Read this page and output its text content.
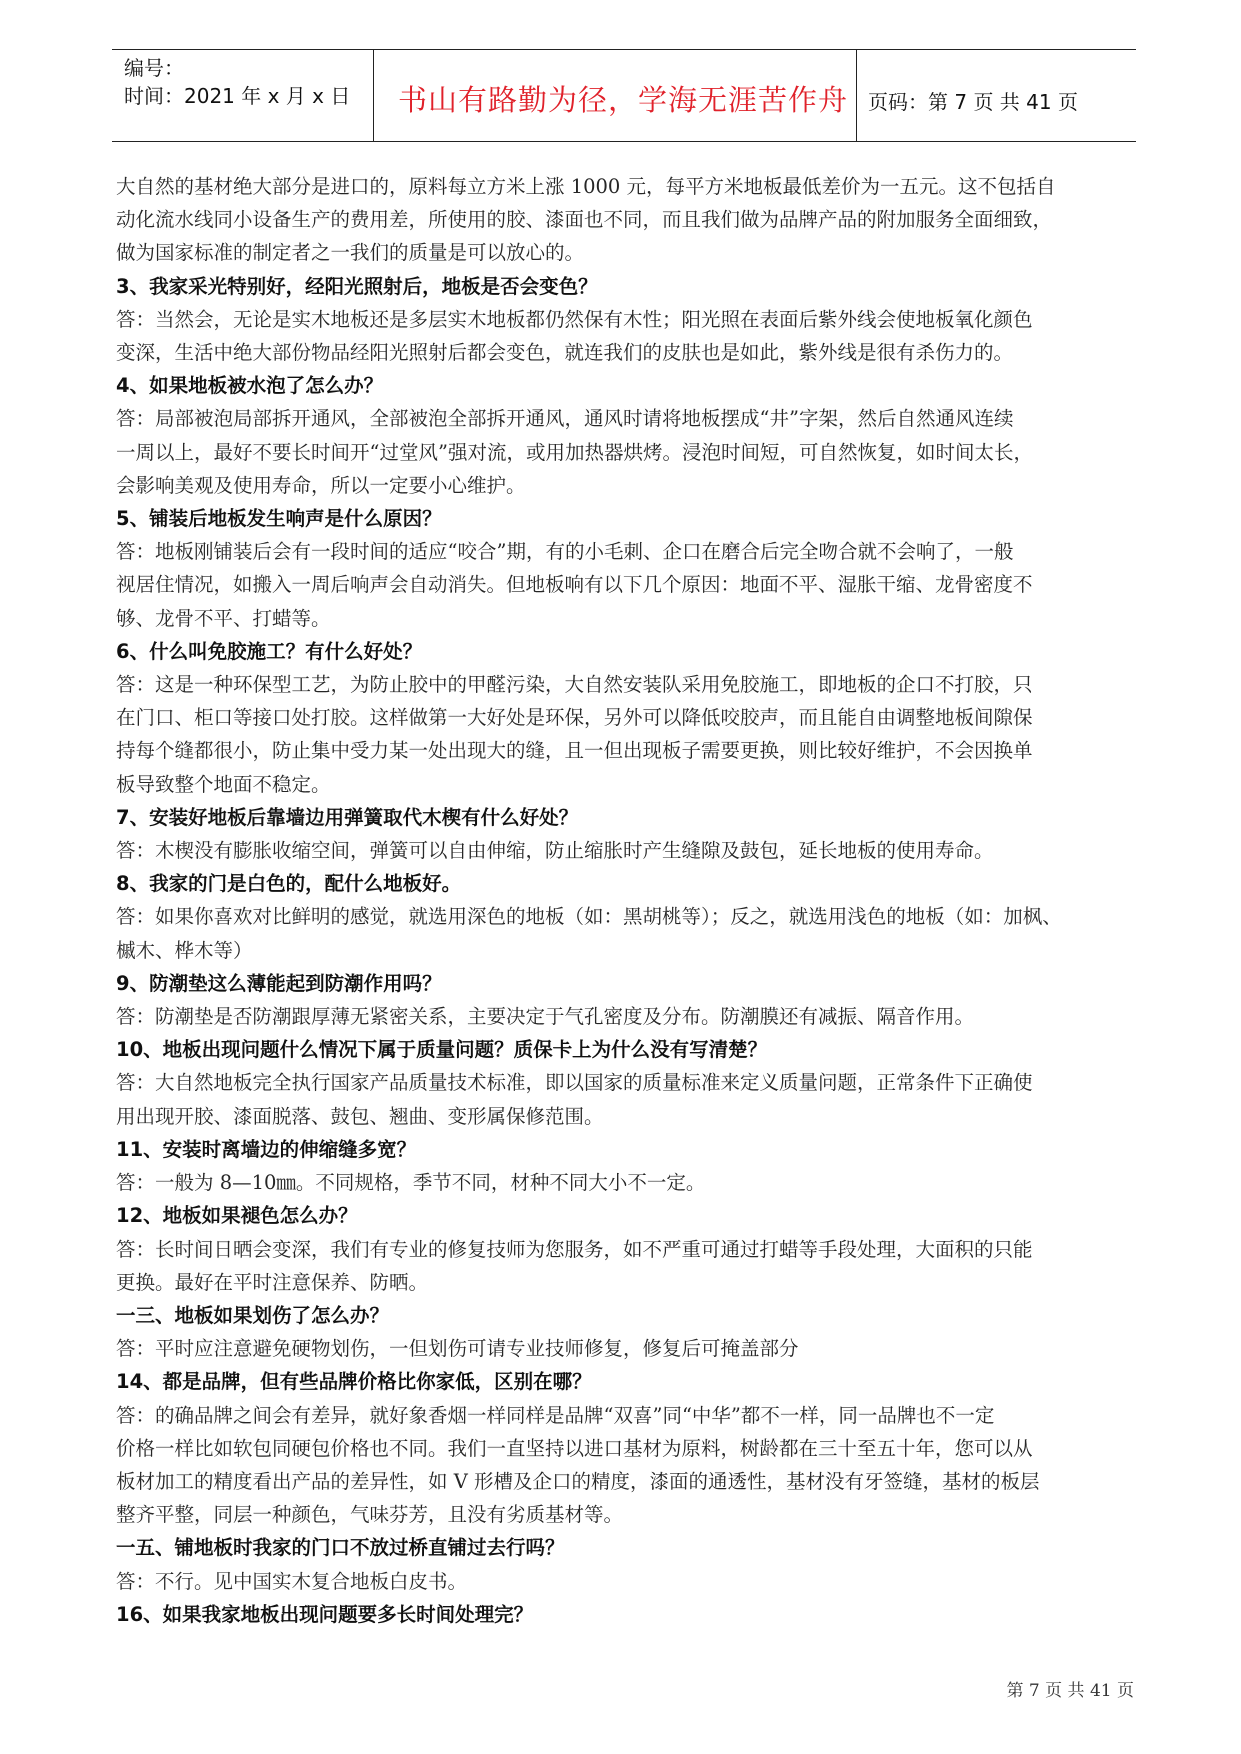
编号：
时间：2021 年 x 月 x 日 书山有路勤为径，学海无涯苦作舟 页码：第 7 页 共 41 页

大自然的基材绝大部分是进口的，原料每立方米上涨 1000 元，每平方米地板最低差价为一五元。这不包括自
动化流水线同小设备生产的费用差，所使用的胶、漆面也不同，而且我们做为品牌产品的附加服务全面细致，
做为国家标准的制定者之一我们的质量是可以放心的。

3、我家采光特别好，经阳光照射后，地板是否会变色？

答：当然会，无论是实木地板还是多层实木地板都仍然保有木性；阳光照在表面后紫外线会使地板氧化颜色
变深，生活中绝大部份物品经阳光照射后都会变色，就连我们的皮肤也是如此，紫外线是很有杀伤力的。

4、如果地板被水泡了怎么办？

答：局部被泡局部拆开通风，全部被泡全部拆开通风，通风时请将地板摆成“井”字架，然后自然通风连续
一周以上，最好不要长时间开“过堂风”强对流，或用加热器烘烤。浸泡时间短，可自然恢复，如时间太长，
会影响美观及使用寿命，所以一定要小心维护。

5、铺装后地板发生响声是什么原因？

答：地板刚铺装后会有一段时间的适应“咬合”期，有的小毛刺、企口在磨合后完全吻合就不会响了，一般
视居住情况，如搬入一周后响声会自动消失。但地板响有以下几个原因：地面不平、湿胀干缩、龙骨密度不
够、龙骨不平、打蜡等。

6、什么叫免胶施工？有什么好处？

答：这是一种环保型工艺，为防止胶中的甲醛污染，大自然安装队采用免胶施工，即地板的企口不打胶，只
在门口、柜口等接口处打胶。这样做第一大好处是环保，另外可以降低咬胶声，而且能自由调整地板间隙保
持每个缝都很小，防止集中受力某一处出现大的缝，且一但出现板子需要更换，则比较好维护，不会因换单
板导致整个地面不稳定。

7、安装好地板后靠墙边用弹簧取代木楔有什么好处？

答：木楔没有膨胀收缩空间，弹簧可以自由伸缩，防止缩胀时产生缝隙及鼓包，延长地板的使用寿命。

8、我家的门是白色的，配什么地板好。

答：如果你喜欢对比鲜明的感觉，就选用深色的地板（如：黑胡桃等）；反之，就选用浅色的地板（如：加枫、
槭木、桦木等）

9、防潮垫这么薄能起到防潮作用吗？

答：防潮垫是否防潮跟厚薄无紧密关系，主要决定于气孔密度及分布。防潮膜还有减振、隔音作用。

10、地板出现问题什么情况下属于质量问题？质保卡上为什么没有写清楚？

答：大自然地板完全执行国家产品质量技术标准，即以国家的质量标准来定义质量问题，正常条件下正确使
用出现开胶、漆面脱落、鼓包、翘曲、变形属保修范围。

11、安装时离墙边的伸缩缝多宽？

答：一般为 8—10㎜。不同规格，季节不同，材种不同大小不一定。

12、地板如果褪色怎么办？

答：长时间日晒会变深，我们有专业的修复技师为您服务，如不严重可通过打蜡等手段处理，大面积的只能
更换。最好在平时注意保养、防晒。

一三、地板如果划伤了怎么办？

答：平时应注意避免硬物划伤，一但划伤可请专业技师修复，修复后可掩盖部分

14、都是品牌，但有些品牌价格比你家低，区别在哪？

答：的确品牌之间会有差异，就好象香烟一样同样是品牌“双喜”同“中华”都不一样，同一品牌也不一定
价格一样比如软包同硬包价格也不同。我们一直坚持以进口基材为原料，树龄都在三十至五十年，您可以从
板材加工的精度看出产品的差异性，如 V 形槽及企口的精度，漆面的通透性，基材没有牙签缝，基材的板层
整齐平整，同层一种颜色，气味芬芳，且没有劣质基材等。

一五、铺地板时我家的门口不放过桥直铺过去行吗？

答：不行。见中国实木复合地板白皮书。

16、如果我家地板出现问题要多长时间处理完？

第 7 页 共 41 页
